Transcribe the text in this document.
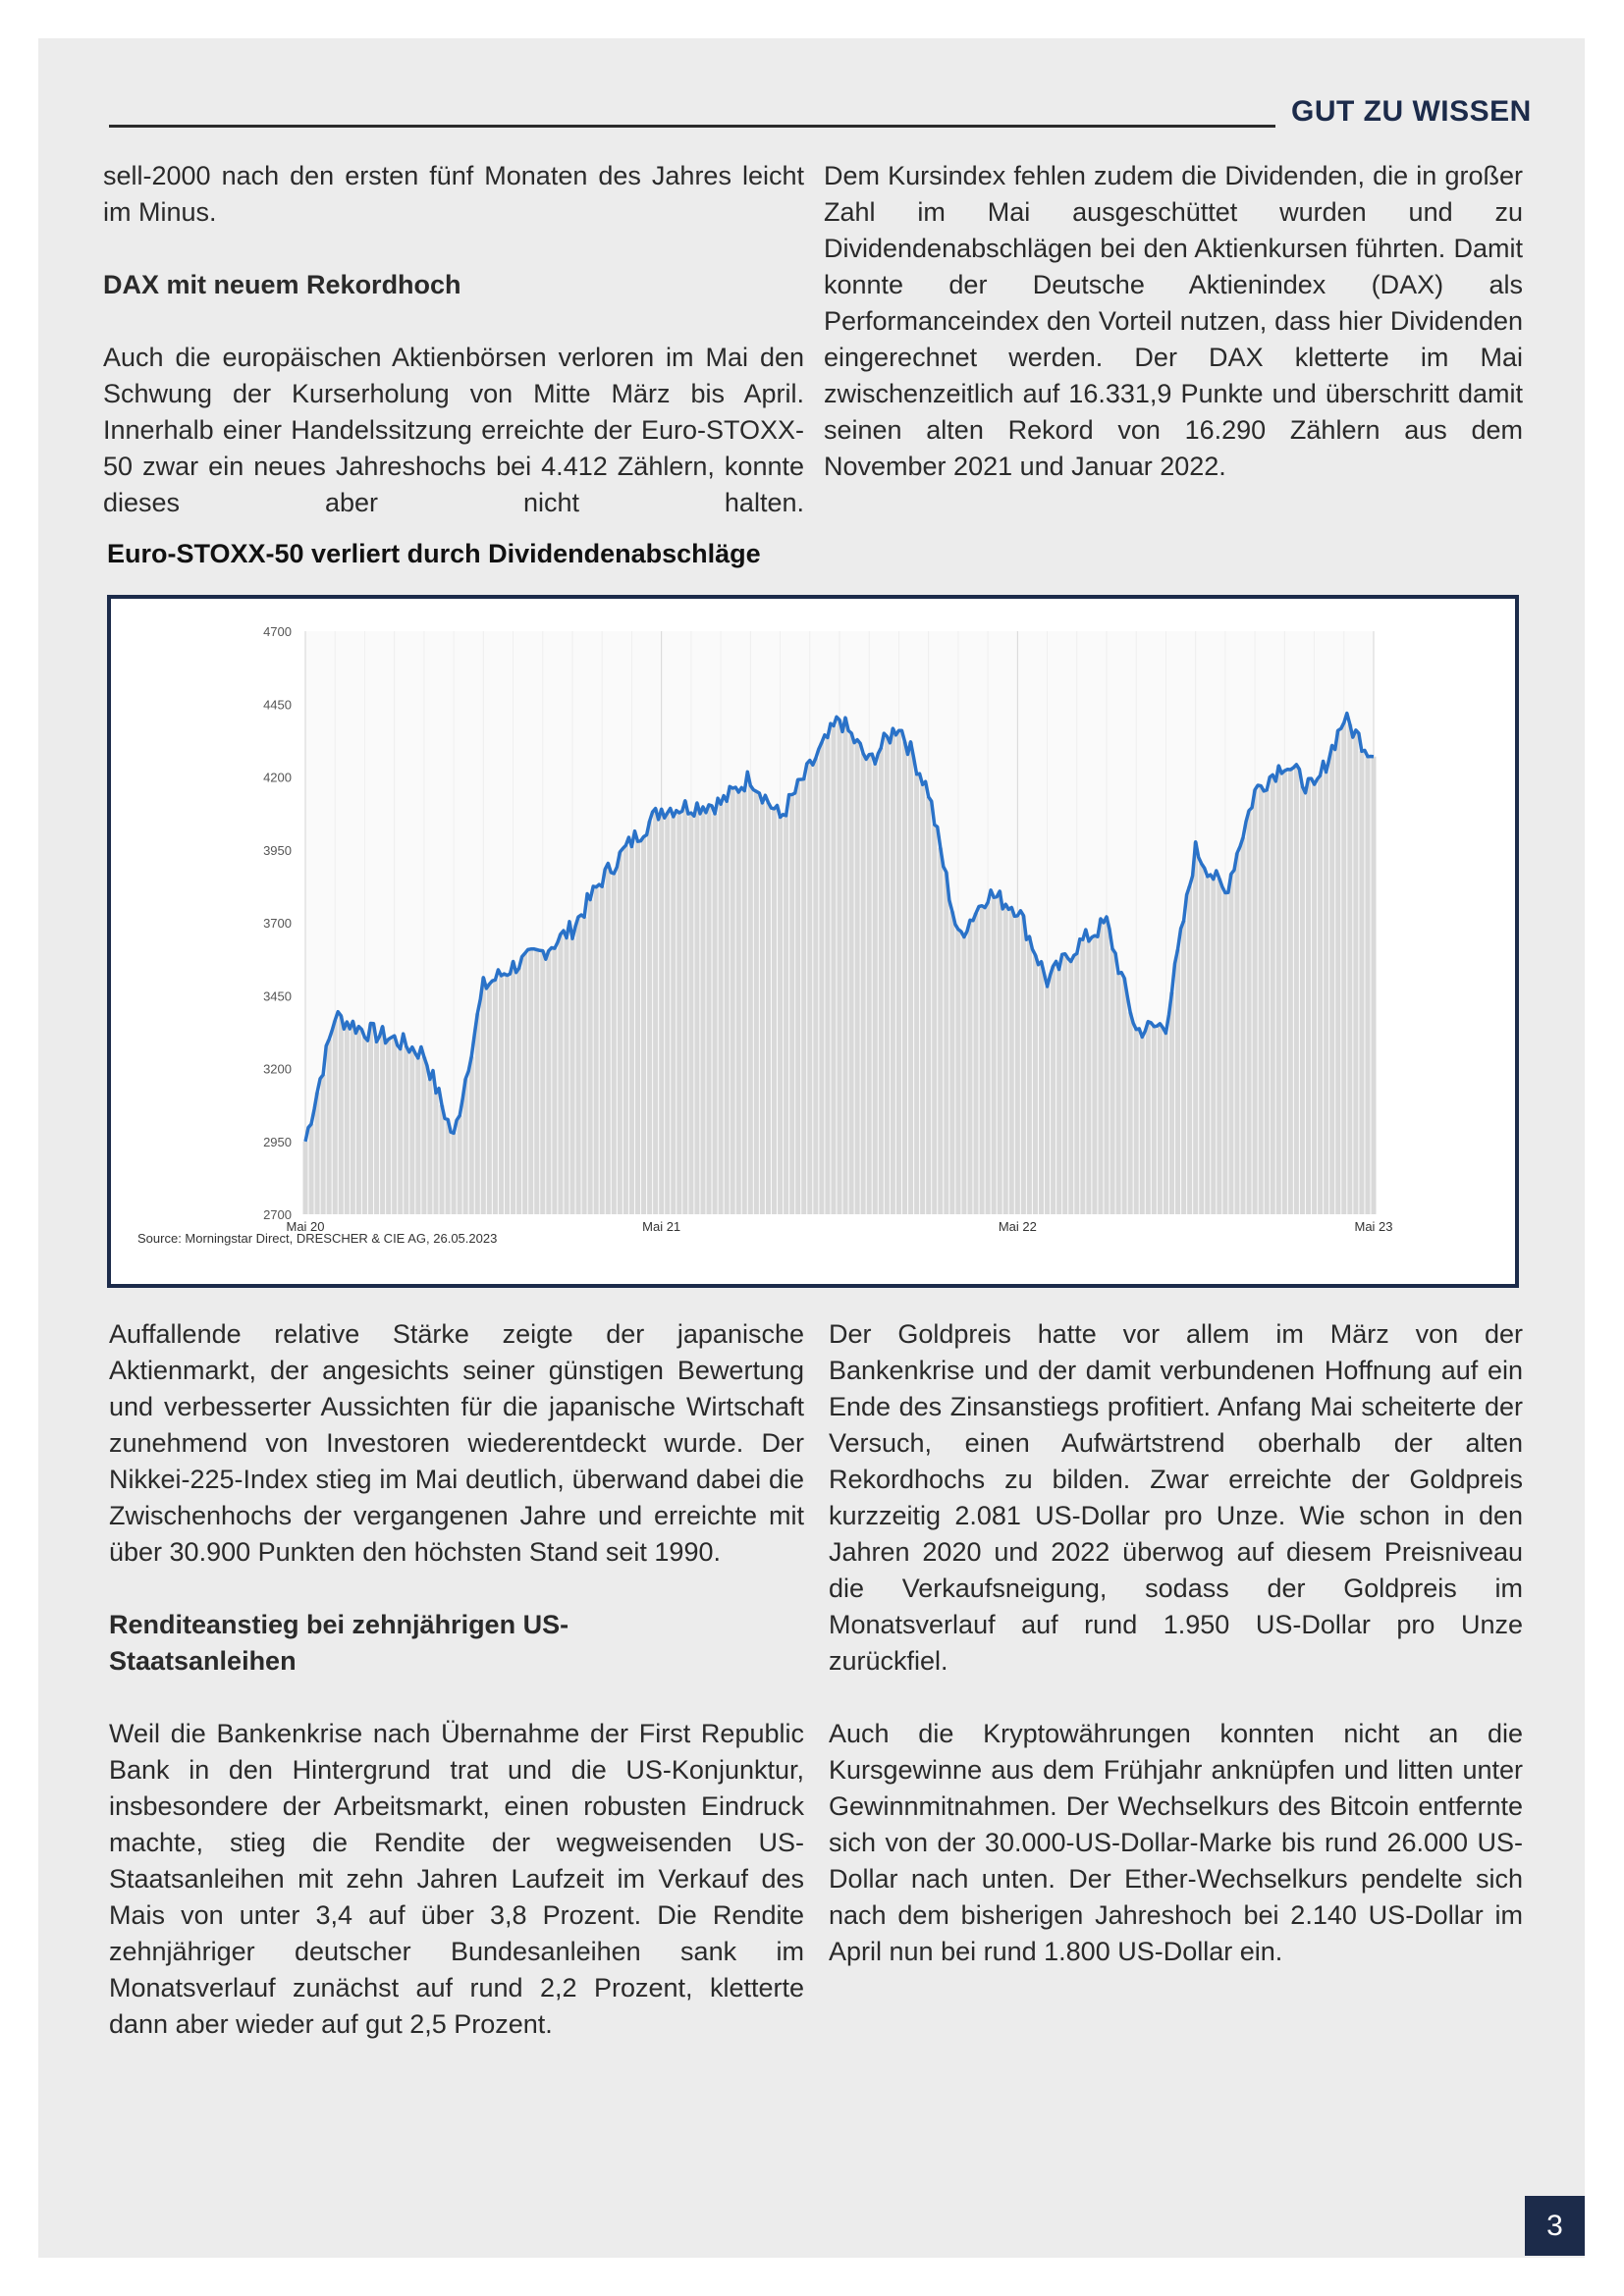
GUT ZU WISSEN

sell-2000 nach den ersten fünf Monaten des Jahres leicht im Minus.

DAX mit neuem Rekordhoch

Auch die europäischen Aktienbörsen verloren im Mai den Schwung der Kurserholung von Mitte März bis April. Innerhalb einer Handelssitzung erreichte der Euro-STOXX-50 zwar ein neues Jahreshochs bei 4.412 Zählern, konnte dieses aber nicht halten.

Dem Kursindex fehlen zudem die Dividenden, die in großer Zahl im Mai ausgeschüttet wurden und zu Dividendenabschlägen bei den Aktienkursen führten. Damit konnte der Deutsche Aktienindex (DAX) als Performanceindex den Vorteil nutzen, dass hier Dividenden eingerechnet werden. Der DAX kletterte im Mai zwischenzeitlich auf 16.331,9 Punkte und überschritt damit seinen alten Rekord von 16.290 Zählern aus dem November 2021 und Januar 2022.

Euro-STOXX-50 verliert durch Dividendenabschläge
2700
2950
3200
3450
3700
3950
4200
4450
4700
Mai 20	Mai 21	Mai 22	Mai 23
Source: Morningstar Direct, DRESCHER & CIE AG, 26.05.2023

Auffallende relative Stärke zeigte der japanische Aktienmarkt, der angesichts seiner günstigen Bewertung und verbesserter Aussichten für die japanische Wirtschaft zunehmend von Investoren wiederentdeckt wurde. Der Nikkei-225-Index stieg im Mai deutlich, überwand dabei die Zwischenhochs der vergangenen Jahre und erreichte mit über 30.900 Punkten den höchsten Stand seit 1990.

Renditeanstieg bei zehnjährigen US-Staatsanleihen

Weil die Bankenkrise nach Übernahme der First Republic Bank in den Hintergrund trat und die US-Konjunktur, insbesondere der Arbeitsmarkt, einen robusten Eindruck machte, stieg die Rendite der wegweisenden US-Staatsanleihen mit zehn Jahren Laufzeit im Verkauf des Mais von unter 3,4 auf über 3,8 Prozent. Die Rendite zehnjähriger deutscher Bundesanleihen sank im Monatsverlauf zunächst auf rund 2,2 Prozent, kletterte dann aber wieder auf gut 2,5 Prozent.

Der Goldpreis hatte vor allem im März von der Bankenkrise und der damit verbundenen Hoffnung auf ein Ende des Zinsanstiegs profitiert. Anfang Mai scheiterte der Versuch, einen Aufwärtstrend oberhalb der alten Rekordhochs zu bilden. Zwar erreichte der Goldpreis kurzzeitig 2.081 US-Dollar pro Unze. Wie schon in den Jahren 2020 und 2022 überwog auf diesem Preisniveau die Verkaufsneigung, sodass der Goldpreis im Monatsverlauf auf rund 1.950 US-Dollar pro Unze zurückfiel.

Auch die Kryptowährungen konnten nicht an die Kursgewinne aus dem Frühjahr anknüpfen und litten unter Gewinnmitnahmen. Der Wechselkurs des Bitcoin entfernte sich von der 30.000-US-Dollar-Marke bis rund 26.000 US-Dollar nach unten. Der Ether-Wechselkurs pendelte sich nach dem bisherigen Jahreshoch bei 2.140 US-Dollar im April nun bei rund 1.800 US-Dollar ein.

3
